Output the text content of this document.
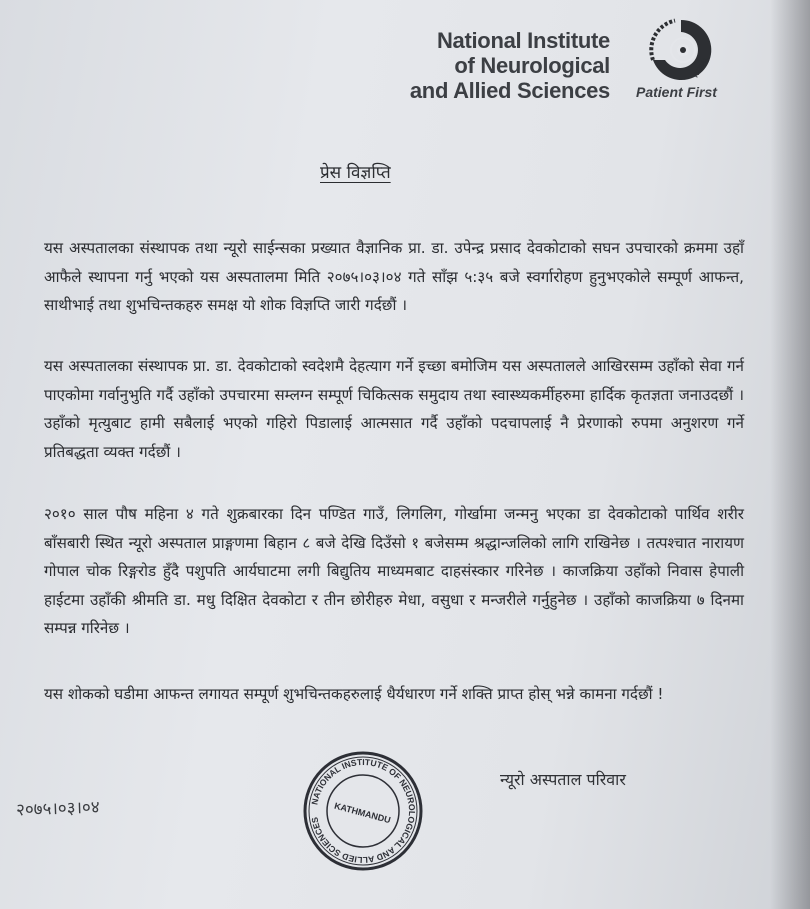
National Institute
of Neurological
and Allied Sciences
NEPAL
Patient First
प्रेस विज्ञप्ति

यस अस्पतालका संस्थापक तथा न्यूरो साईन्सका प्रख्यात वैज्ञानिक प्रा. डा. उपेन्द्र प्रसाद देवकोटाको सघन उपचारको क्रममा उहाँ आफैले स्थापना गर्नु भएको यस अस्पतालमा मिति २०७५।०३।०४ गते साँझ ५:३५ बजे स्वर्गारोहण हुनुभएकोले सम्पूर्ण आफन्त, साथीभाई तथा शुभचिन्तकहरु समक्ष यो शोक विज्ञप्ति जारी गर्दछौं ।

यस अस्पतालका संस्थापक प्रा. डा. देवकोटाको स्वदेशमै देहत्याग गर्ने इच्छा बमोजिम यस अस्पतालले आखिरसम्म उहाँको सेवा गर्न पाएकोमा गर्वानुभुति गर्दै उहाँको उपचारमा सम्लग्न सम्पूर्ण चिकित्सक समुदाय तथा स्वास्थ्यकर्मीहरुमा हार्दिक कृतज्ञता जनाउदछौं । उहाँको मृत्युबाट हामी सबैलाई भएको गहिरो पिडालाई आत्मसात गर्दै उहाँको पदचापलाई नै प्रेरणाको रुपमा अनुशरण गर्ने प्रतिबद्धता व्यक्त गर्दछौं ।

२०१० साल पौष महिना ४ गते शुक्रबारका दिन पण्डित गाउँ, लिगलिग, गोर्खामा जन्मनु भएका डा देवकोटाको पार्थिव शरीर बाँसबारी स्थित न्यूरो अस्पताल प्राङ्गणमा बिहान ८ बजे देखि दिउँसो १ बजेसम्म श्रद्धान्जलिको लागि राखिनेछ । तत्पश्चात नारायण गोपाल चोक रिङ्गरोड हुँदै पशुपति आर्यघाटमा लगी बिद्युतिय माध्यमबाट दाहसंस्कार गरिनेछ । काजक्रिया उहाँको निवास हेपाली हाईटमा उहाँकी श्रीमति डा. मधु दिक्षित देवकोटा र तीन छोरीहरु मेधा, वसुधा र मन्जरीले गर्नुहुनेछ । उहाँको काजक्रिया ७ दिनमा सम्पन्न गरिनेछ ।

यस शोकको घडीमा आफन्त लगायत सम्पूर्ण शुभचिन्तकहरुलाई धैर्यधारण गर्ने शक्ति प्राप्त होस् भन्ने कामना गर्दछौं !

२०७५।०३।०४	NATIONAL INSTITUTE OF NEUROLOGICAL AND ALLIED SCIENCES	KATHMANDU
न्यूरो अस्पताल परिवार
